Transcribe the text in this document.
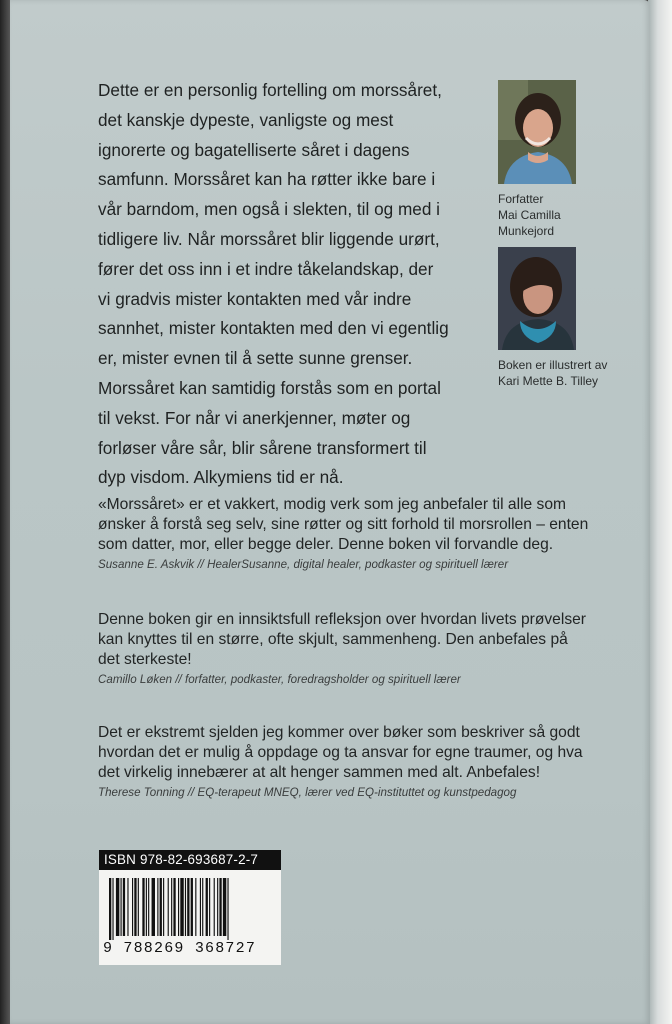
Dette er en personlig fortelling om morssåret,

det kanskje dypeste, vanligste og mest

ignorerte og bagatelliserte såret i dagens

samfunn. Morssåret kan ha røtter ikke bare i

vår barndom, men også i slekten, til og med i

tidligere liv. Når morssåret blir liggende urørt,

fører det oss inn i et indre tåkelandskap, der

vi gradvis mister kontakten med vår indre

sannhet, mister kontakten med den vi egentlig

er, mister evnen til å sette sunne grenser.

Morssåret kan samtidig forstås som en portal

til vekst. For når vi anerkjenner, møter og

forløser våre sår, blir sårene transformert til

dyp visdom. Alkymiens tid er nå.

Forfatter
Mai Camilla
Munkejord
Boken er illustrert av
Kari Mette B. Tilley

«Morssåret» er et vakkert, modig verk som jeg anbefaler til alle som

ønsker å forstå seg selv, sine røtter og sitt forhold til morsrollen – enten

som datter, mor, eller begge deler. Denne boken vil forvandle deg.

Susanne E. Askvik // HealerSusanne, digital healer, podkaster og spirituell lærer

Denne boken gir en innsiktsfull refleksjon over hvordan livets prøvelser

kan knyttes til en større, ofte skjult, sammenheng. Den anbefales på

det sterkeste!

Camillo Løken // forfatter, podkaster, foredragsholder og spirituell lærer

Det er ekstremt sjelden jeg kommer over bøker som beskriver så godt

hvordan det er mulig å oppdage og ta ansvar for egne traumer, og hva

det virkelig innebærer at alt henger sammen med alt. Anbefales!

Therese Tonning // EQ-terapeut MNEQ, lærer ved EQ-instituttet og kunstpedagog
ISBN 978-82-693687-2-7
9 788269 368727
